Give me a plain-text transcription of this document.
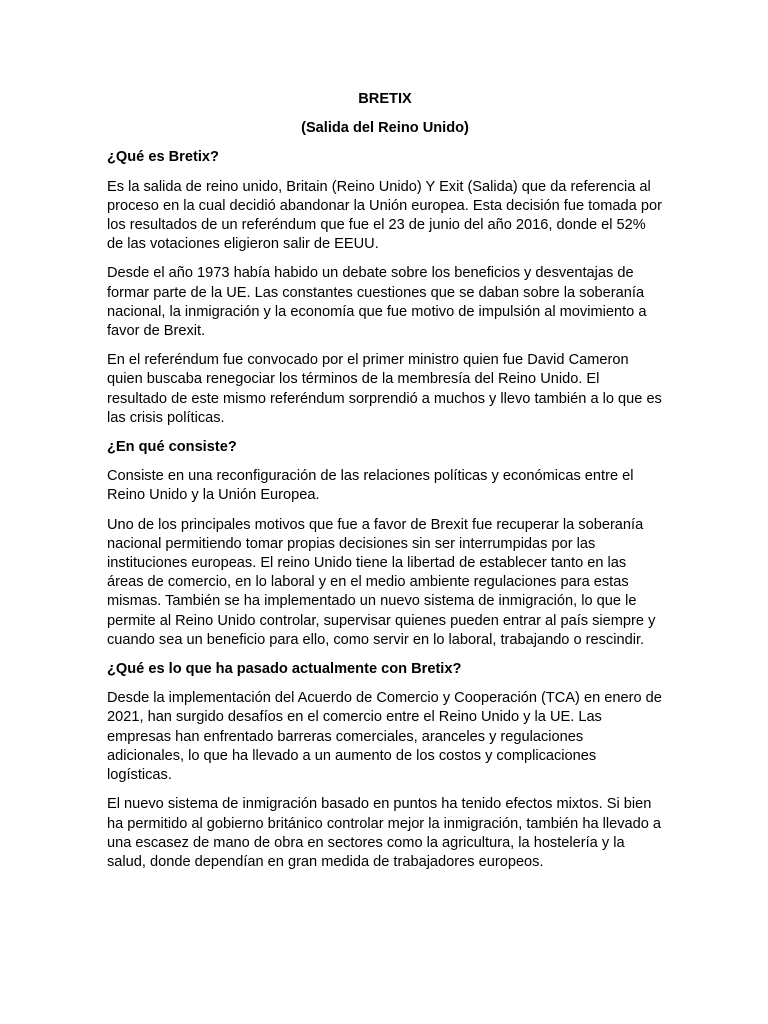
BRETIX

(Salida del Reino Unido)

¿Qué es Bretix?

Es la salida de reino unido, Britain (Reino Unido) Y Exit (Salida) que da referencia al proceso en la cual decidió abandonar la Unión europea. Esta decisión fue tomada por los resultados de un referéndum que fue el 23 de junio del año 2016, donde el 52% de las votaciones eligieron salir de EEUU.

Desde el año 1973 había habido un debate sobre los beneficios y desventajas de formar parte de la UE. Las constantes cuestiones que se daban sobre la soberanía nacional, la inmigración y la economía que fue motivo de impulsión al movimiento a favor de Brexit.

En el referéndum fue convocado por el primer ministro quien fue David Cameron quien buscaba renegociar los términos de la membresía del Reino Unido. El resultado de este mismo referéndum sorprendió a muchos y llevo también a lo que es las crisis políticas.

¿En qué consiste?

Consiste en una reconfiguración de las relaciones políticas y económicas entre el Reino Unido y la Unión Europea.

Uno de los principales motivos que fue a favor de Brexit fue recuperar la soberanía nacional permitiendo tomar propias decisiones sin ser interrumpidas por las instituciones europeas. El reino Unido tiene la libertad de establecer tanto en las áreas de comercio, en lo laboral y en el medio ambiente regulaciones para estas mismas. También se ha implementado un nuevo sistema de inmigración, lo que le permite al Reino Unido controlar, supervisar quienes pueden entrar al país siempre y cuando sea un beneficio para ello, como servir en lo laboral, trabajando o rescindir.

¿Qué es lo que ha pasado actualmente con Bretix?

Desde la implementación del Acuerdo de Comercio y Cooperación (TCA) en enero de 2021, han surgido desafíos en el comercio entre el Reino Unido y la UE. Las empresas han enfrentado barreras comerciales, aranceles y regulaciones adicionales, lo que ha llevado a un aumento de los costos y complicaciones logísticas.

El nuevo sistema de inmigración basado en puntos ha tenido efectos mixtos. Si bien ha permitido al gobierno británico controlar mejor la inmigración, también ha llevado a una escasez de mano de obra en sectores como la agricultura, la hostelería y la salud, donde dependían en gran medida de trabajadores europeos.
